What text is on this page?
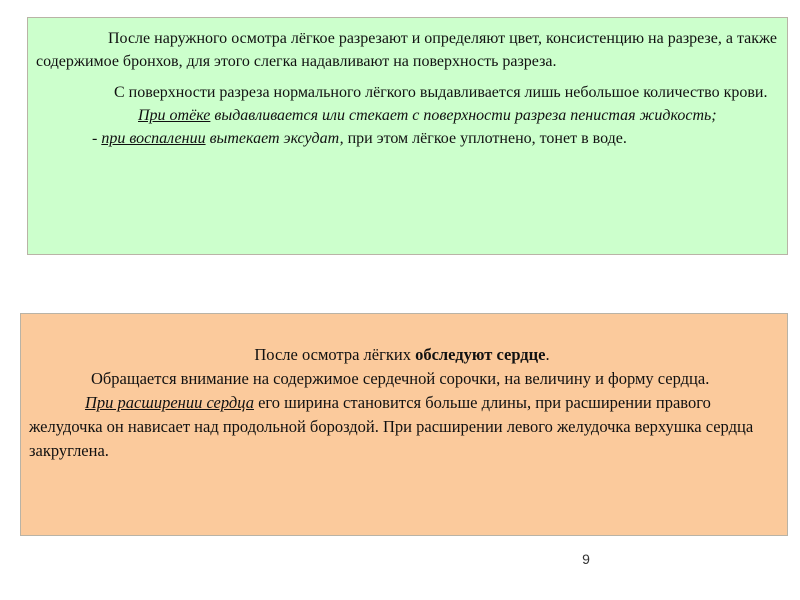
После наружного осмотра лёгкое разрезают и определяют цвет, консистенцию на разрезе, а также содержимое бронхов, для этого слегка надавливают на поверхность разреза.

С поверхности разреза нормального лёгкого выдавливается лишь небольшое количество крови.

При отёке выдавливается или стекает с поверхности разреза пенистая жидкость;

- при воспалении вытекает эксудат, при этом лёгкое уплотнено, тонет в воде.

После осмотра лёгких обследуют сердце.

Обращается внимание на содержимое сердечной сорочки, на величину и форму сердца.

При расширении сердца его ширина становится больше длины, при расширении правого желудочка он нависает над продольной бороздой. При расширении левого желудочка верхушка сердца закруглена.

9
